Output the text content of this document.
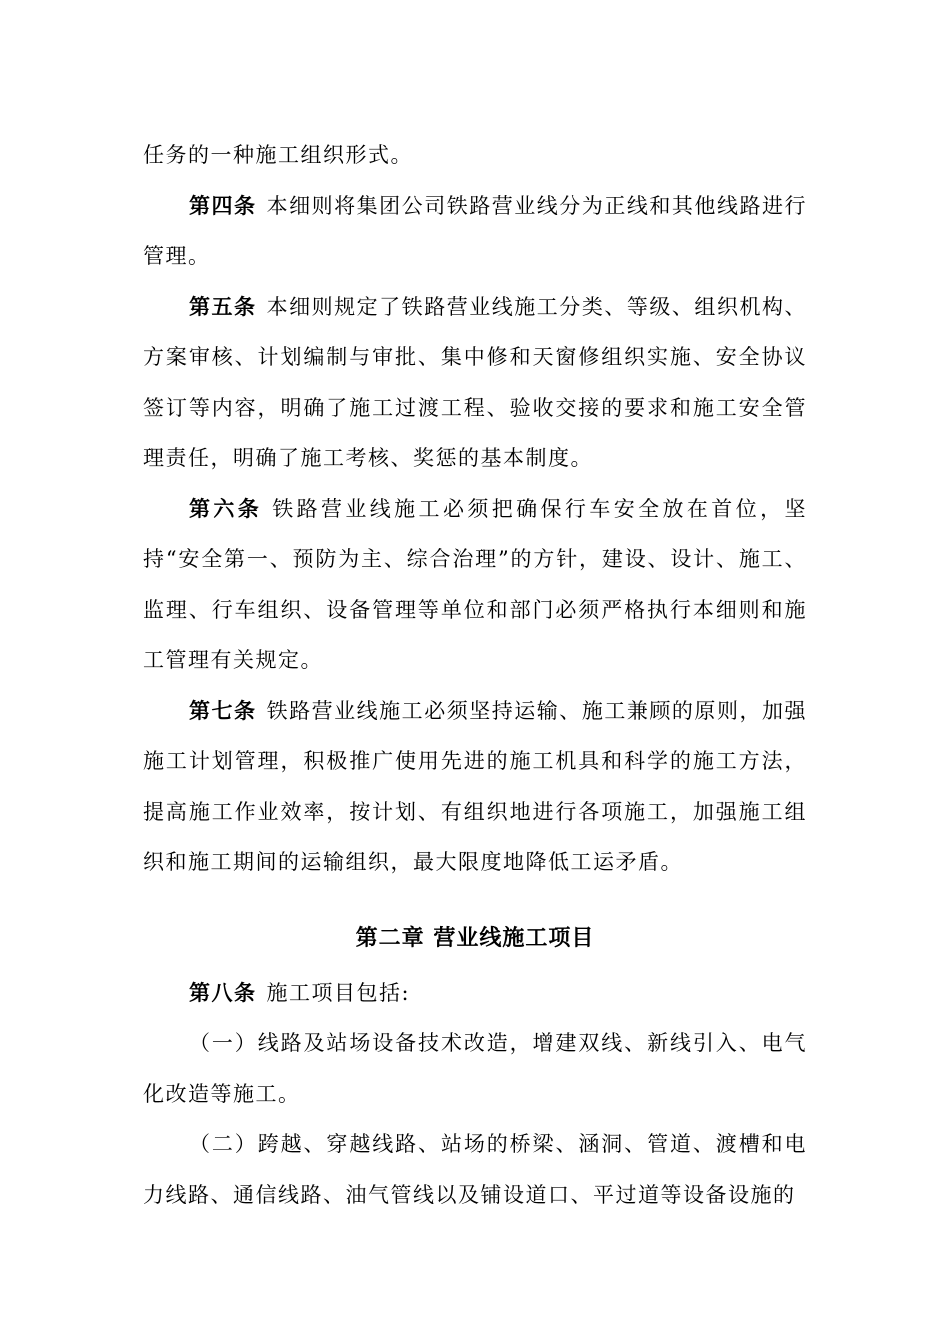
任务的一种施工组织形式。

第四条 本细则将集团公司铁路营业线分为正线和其他线路进行管理。

第五条 本细则规定了铁路营业线施工分类、等级、组织机构、方案审核、计划编制与审批、集中修和天窗修组织实施、安全协议签订等内容，明确了施工过渡工程、验收交接的要求和施工安全管理责任，明确了施工考核、奖惩的基本制度。

第六条 铁路营业线施工必须把确保行车安全放在首位，坚持“安全第一、预防为主、综合治理”的方针，建设、设计、施工、监理、行车组织、设备管理等单位和部门必须严格执行本细则和施工管理有关规定。

第七条 铁路营业线施工必须坚持运输、施工兼顾的原则，加强施工计划管理，积极推广使用先进的施工机具和科学的施工方法，提高施工作业效率，按计划、有组织地进行各项施工，加强施工组织和施工期间的运输组织，最大限度地降低工运矛盾。

第二章 营业线施工项目

第八条 施工项目包括:

（一）线路及站场设备技术改造，增建双线、新线引入、电气化改造等施工。

（二）跨越、穿越线路、站场的桥梁、涵洞、管道、渡槽和电力线路、通信线路、油气管线以及铺设道口、平过道等设备设施的
